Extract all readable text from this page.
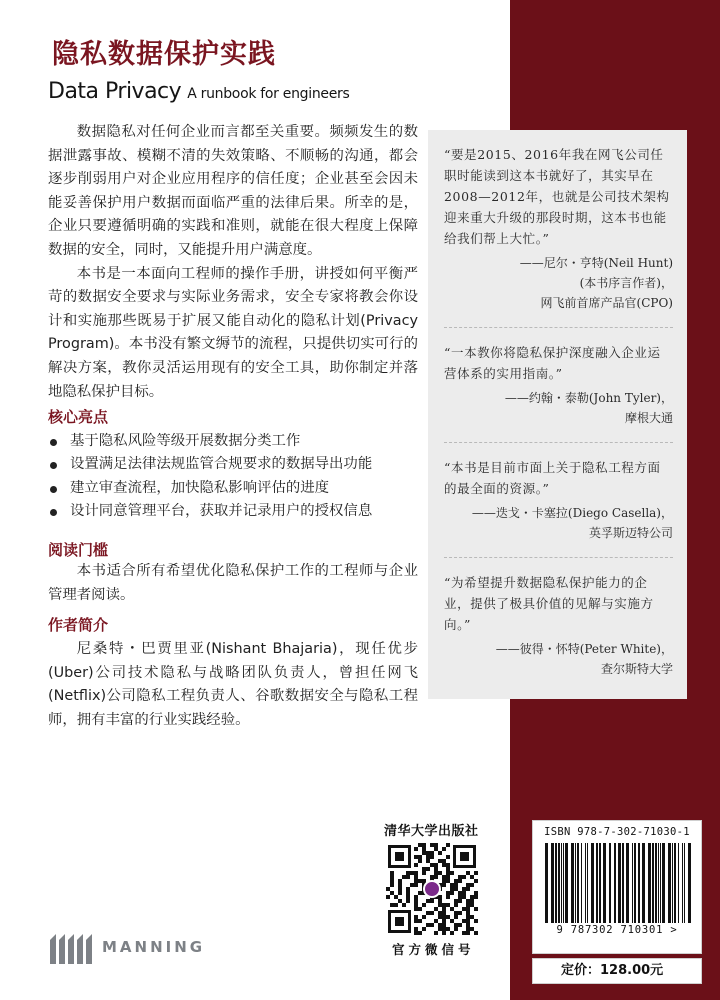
隐私数据保护实践
Data Privacy A runbook for engineers

数据隐私对任何企业而言都至关重要。频频发生的数据泄露事故、模糊不清的失效策略、不顺畅的沟通，都会逐步削弱用户对企业应用程序的信任度；企业甚至会因未能妥善保护用户数据而面临严重的法律后果。所幸的是，企业只要遵循明确的实践和准则，就能在很大程度上保障数据的安全，同时，又能提升用户满意度。

本书是一本面向工程师的操作手册，讲授如何平衡严苛的数据安全要求与实际业务需求，安全专家将教会你设计和实施那些既易于扩展又能自动化的隐私计划(Privacy Program)。本书没有繁文缛节的流程，只提供切实可行的解决方案，教你灵活运用现有的安全工具，助你制定并落地隐私保护目标。

核心亮点
基于隐私风险等级开展数据分类工作
设置满足法律法规监管合规要求的数据导出功能
建立审查流程，加快隐私影响评估的进度
设计同意管理平台，获取并记录用户的授权信息
阅读门槛

本书适合所有希望优化隐私保护工作的工程师与企业管理者阅读。

作者简介

尼桑特・巴贾里亚(Nishant Bhajaria)，现任优步(Uber)公司技术隐私与战略团队负责人，曾担任网飞(Netflix)公司隐私工程负责人、谷歌数据安全与隐私工程师，拥有丰富的行业实践经验。

“要是2015、2016年我在网飞公司任职时能读到这本书就好了，其实早在2008—2012年，也就是公司技术架构迎来重大升级的那段时期，这本书也能给我们帮上大忙。”
——尼尔・亨特(Neil Hunt)
(本书序言作者)，
网飞前首席产品官(CPO)
“一本教你将隐私保护深度融入企业运营体系的实用指南。”
——约翰・泰勒(John Tyler)，
摩根大通
“本书是目前市面上关于隐私工程方面的最全面的资源。”
——迭戈・卡塞拉(Diego Casella)，
英孚斯迈特公司
“为希望提升数据隐私保护能力的企业，提供了极具价值的见解与实施方向。”
——彼得・怀特(Peter White)，
查尔斯特大学
清华大学出版社
官方微信号
MANNING
ISBN 978-7-302-71030-1
9 787302 710301 >
定价：128.00元
